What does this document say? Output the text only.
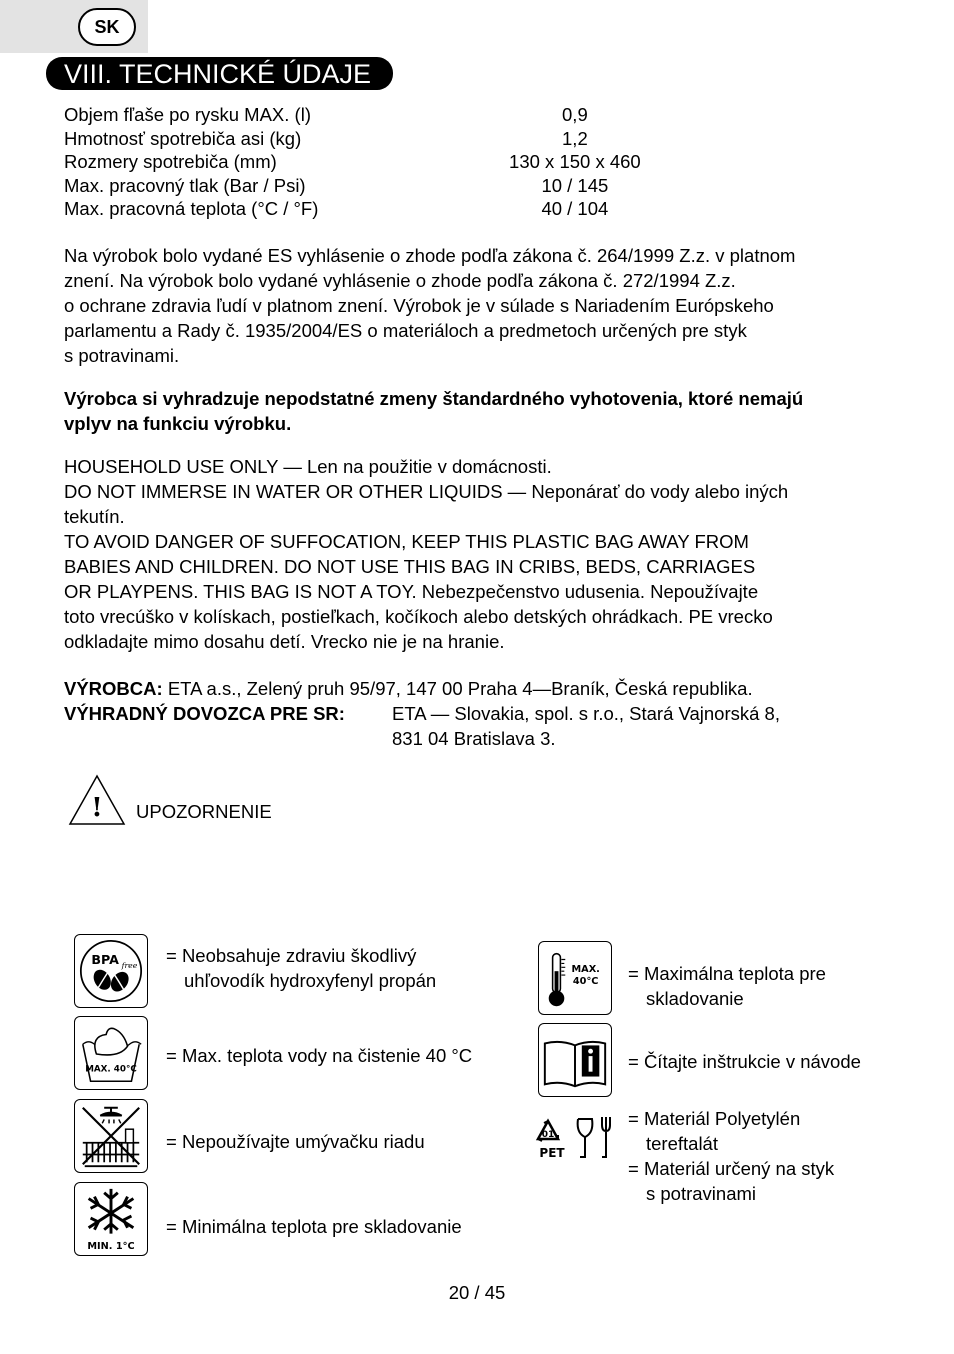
SK
VIII. TECHNICKÉ ÚDAJE
Objem fľaše po rysku MAX. (l)	0,9
Hmotnosť spotrebiča asi (kg)	1,2
Rozmery spotrebiča (mm)	130 x 150 x 460
Max. pracovný tlak (Bar / Psi)	10 / 145
Max. pracovná teplota (°C / °F)	40 / 104
Na výrobok bolo vydané ES vyhlásenie o zhode podľa zákona č. 264/1999 Z.z. v platnom
znení. Na výrobok bolo vydané vyhlásenie o zhode podľa zákona č. 272/1994 Z.z.
o ochrane zdravia ľudí v platnom znení. Výrobok je v súlade s Nariadením Európskeho
parlamentu a Rady č. 1935/2004/ES o materiáloch a predmetoch určených pre styk
s potravinami.
Výrobca si vyhradzuje nepodstatné zmeny štandardného vyhotovenia, ktoré nemajú
vplyv na funkciu výrobku.
HOUSEHOLD USE ONLY — Len na použitie v domácnosti.
DO NOT IMMERSE IN WATER OR OTHER LIQUIDS — Neponárať do vody alebo iných
tekutín.
TO AVOID DANGER OF SUFFOCATION, KEEP THIS PLASTIC BAG AWAY FROM
BABIES AND CHILDREN. DO NOT USE THIS BAG IN CRIBS, BEDS, CARRIAGES
OR PLAYPENS. THIS BAG IS NOT A TOY. Nebezpečenstvo udusenia. Nepoužívajte
toto vrecúško v kolískach, postieľkach, kočíkoch alebo detských ohrádkach. PE vrecko
odkladajte mimo dosahu detí. Vrecko nie je na hranie.
VÝROBCA: ETA a.s., Zelený pruh 95/97, 147 00 Praha 4—Braník, Česká republika.
VÝHRADNÝ DOVOZCA PRE SR:	ETA — Slovakia, spol. s r.o., Stará Vajnorská 8,
831 04 Bratislava 3.
! UPOZORNENIE
BPA free = Neobsahuje zdraviu škodlivý
uhľovodík hydroxyfenyl propán
MAX. 40°C
= Max. teplota vody na čistenie 40 °C
= Nepoužívajte umývačku riadu
MIN. 1°C
= Minimálna teplota pre skladovanie
MAX.
40°C = Maximálna teplota pre
skladovanie
= Čítajte inštrukcie v návode
01
PET
= Materiál Polyetylén
tereftalát
= Materiál určený na styk
s potravinami
20 / 45
